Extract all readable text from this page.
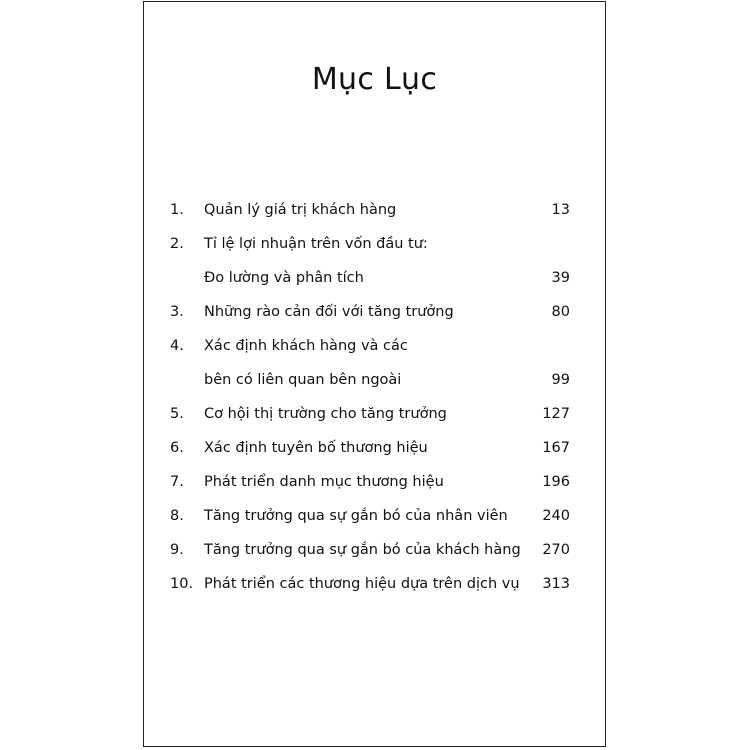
Mục Lục
1. Quản lý giá trị khách hàng	13
2. Tỉ lệ lợi nhuận trên vốn đầu tư:
Đo lường và phân tích	39
3. Những rào cản đối với tăng trưởng	80
4. Xác định khách hàng và các
bên có liên quan bên ngoài	99
5. Cơ hội thị trường cho tăng trưởng	127
6. Xác định tuyên bố thương hiệu	167
7. Phát triển danh mục thương hiệu	196
8. Tăng trưởng qua sự gắn bó của nhân viên 240
9. Tăng trưởng qua sự gắn bó của khách hàng 270
10. Phát triển các thương hiệu dựa trên dịch vụ 313
